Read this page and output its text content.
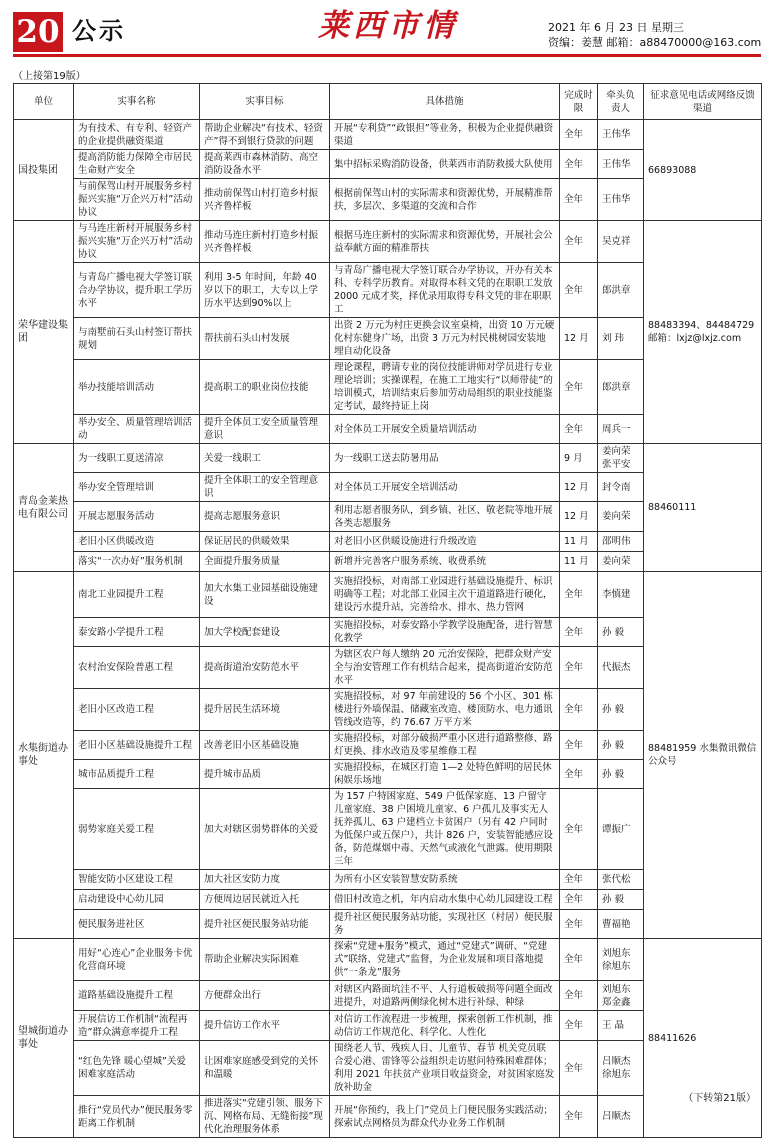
20 公示	莱西市情	2021 年 6 月 23 日 星期三
资编：姜慧 邮箱：a88470000@163.com
（上接第19版）
单位	实事名称	实事目标	具体措施	完成时限	牵头负责人	征求意见电话或网络反馈渠道
国投集团	为有技术、有专利、轻资产的企业提供融资渠道	帮助企业解决“有技术、轻资产”得不到银行贷款的问题	开展“专利贷”“政银担”等业务，积极为企业提供融资渠道	全年	王伟华	66893088
	提高消防能力保障全市居民生命财产安全	提高莱西市森林消防、高空消防设备水平	集中招标采购消防设备，供莱西市消防救援大队使用	全年	王伟华	
	与前保驾山村开展服务乡村振兴实施“万企兴万村”活动协议	推动前保驾山村打造乡村振兴齐鲁样板	根据前保驾山村的实际需求和资源优势，开展精准帮扶，多层次、多渠道的交流和合作	全年	王伟华	
荣华建设集团	与马连庄新村开展服务乡村振兴实施“万企兴万村”活动协议	推动马连庄新村打造乡村振兴齐鲁样板	根据马连庄新村的实际需求和资源优势，开展社会公益奉献方面的精准帮扶	全年	吴克祥	88483394、84484729 邮箱：lxjz@lxjz.com
	与青岛广播电视大学签订联合办学协议，提升职工学历水平	利用 3-5 年时间，年龄 40 岁以下的职工，大专以上学历水平达到90%以上	与青岛广播电视大学签订联合办学协议，开办有关本科、专科学历教育。对取得本科文凭的在职职工发放2000 元成才奖，择优录用取得专科文凭的非在职职工	全年	郎洪章	
	与南墅前石头山村签订帮扶规划	帮扶前石头山村发展	出资 2 万元为村庄更换会议室桌椅，出资 10 万元硬化村东健身广场，出资 3 万元为村民桃树园安装地埋自动化设备	12 月	刘 玮	
	举办技能培训活动	提高职工的职业岗位技能	理论课程，聘请专业的岗位技能讲师对学员进行专业理论培训；实操课程，在施工工地实行“以师带徒”的培训模式，培训结束后参加劳动局组织的职业技能鉴定考试，最终持证上岗	全年	郎洪章	
	举办安全、质量管理培训活动	提升全体员工安全质量管理意识	对全体员工开展安全质量培训活动	全年	周兵一	
青岛金莱热电有限公司	为一线职工夏送清凉	关爱一线职工	为一线职工送去防暑用品	9 月	姜向荣 张平安	88460111
	举办安全管理培训	提升全体职工的安全管理意识	对全体员工开展安全培训活动	12 月	封令南	
	开展志愿服务活动	提高志愿服务意识	利用志愿者服务队，到乡镇、社区、敬老院等地开展各类志愿服务	12 月	姜向荣	
	老旧小区供暖改造	保证居民的供暖效果	对老旧小区供暖设施进行升级改造	11 月	邵明伟	
	落实“一次办好”服务机制	全面提升服务质量	新增并完善客户服务系统、收费系统	11 月	姜向荣	
水集街道办事处	南北工业园提升工程	加大水集工业园基础设施建设	实施招投标，对南部工业园进行基础设施提升、标识明确等工程；对北部工业园主次干道道路进行硬化，建设污水提升站，完善给水、排水、热力管网	全年	李慎建	88481959 水集微讯微信公众号
	泰安路小学提升工程	加大学校配套建设	实施招投标，对泰安路小学教学设施配备，进行智慧化教学	全年	孙 毅	
	农村治安保险普惠工程	提高街道治安防范水平	为辖区农户每人缴纳 20 元治安保险，把群众财产安全与治安管理工作有机结合起来，提高街道治安防范水平	全年	代振杰	
	老旧小区改造工程	提升居民生活环境	实施招投标，对 97 年前建设的 56 个小区、301 栋楼进行外墙保温、储藏室改造、楼顶防水、电力通讯管线改造等，约 76.67 万平方米	全年	孙 毅	
	老旧小区基础设施提升工程	改善老旧小区基础设施	实施招投标，对部分破损严重小区进行道路整修、路灯更换、排水改造及零星维修工程	全年	孙 毅	
	城市品质提升工程	提升城市品质	实施招投标，在城区打造 1—2 处特色鲜明的居民休闲娱乐场地	全年	孙 毅	
	弱势家庭关爱工程	加大对辖区弱势群体的关爱	为 157 户特困家庭、549 户低保家庭、13 户留守儿童家庭、38 户困境儿童家、6 户孤儿及事实无人抚养孤儿、63 户建档立卡贫困户（另有 42 户同时为低保户或五保户），共计 826 户，安装智能感应设备，防范煤烟中毒、天然气或液化气泄露。使用期限三年	全年	谭振广	
	智能安防小区建设工程	加大社区安防力度	为所有小区安装智慧安防系统	全年	张代松	
	启动建设中心幼儿园	方便周边居民就近入托	借旧村改造之机，年内启动水集中心幼儿园建设工程	全年	孙 毅	
	便民服务进社区	提升社区便民服务站功能	提升社区便民服务站功能，实现社区（村居）便民服务	全年	曹福艳	
望城街道办事处	用好“心连心”企业服务卡优化营商环境	帮助企业解决实际困难	探索“党建+服务”模式，通过“党建式”调研、“党建式”联络、党建式”监督，为企业发展和项目落地提供“一条龙”服务	全年	刘旭东 徐旭东	88411626
	道路基础设施提升工程	方便群众出行	对辖区内路面坑洼不平、人行道板破损等问题全面改进提升，对道路两侧绿化树木进行补绿、种绿	全年	刘旭东 郑金鑫	
	开展信访工作机制“流程再造”群众满意率提升工程	提升信访工作水平	对信访工作流程进一步梳理，探索创新工作机制，推动信访工作规范化、科学化、人性化	全年	王 晶	
	“红色先锋 暖心望城”关爱困难家庭活动	让困难家庭感受到党的关怀和温暖	围绕老人节、残疾人日、儿童节、春节 机关党员联合爱心港、雷锋等公益组织走访慰问特殊困难群体；利用 2021 年扶贫产业项目收益资金，对贫困家庭发放补助金	全年	吕顺杰 徐旭东	
	推行“党员代办”便民服务零距离工作机制	推进落实“党建引领、服务下沉、网格布局、无缝衔接”现代化治理服务体系	开展“你预约，我上门”党员上门便民服务实践活动；探索试点网格员为群众代办业务工作机制	全年	吕顺杰	
（下转第21版）
